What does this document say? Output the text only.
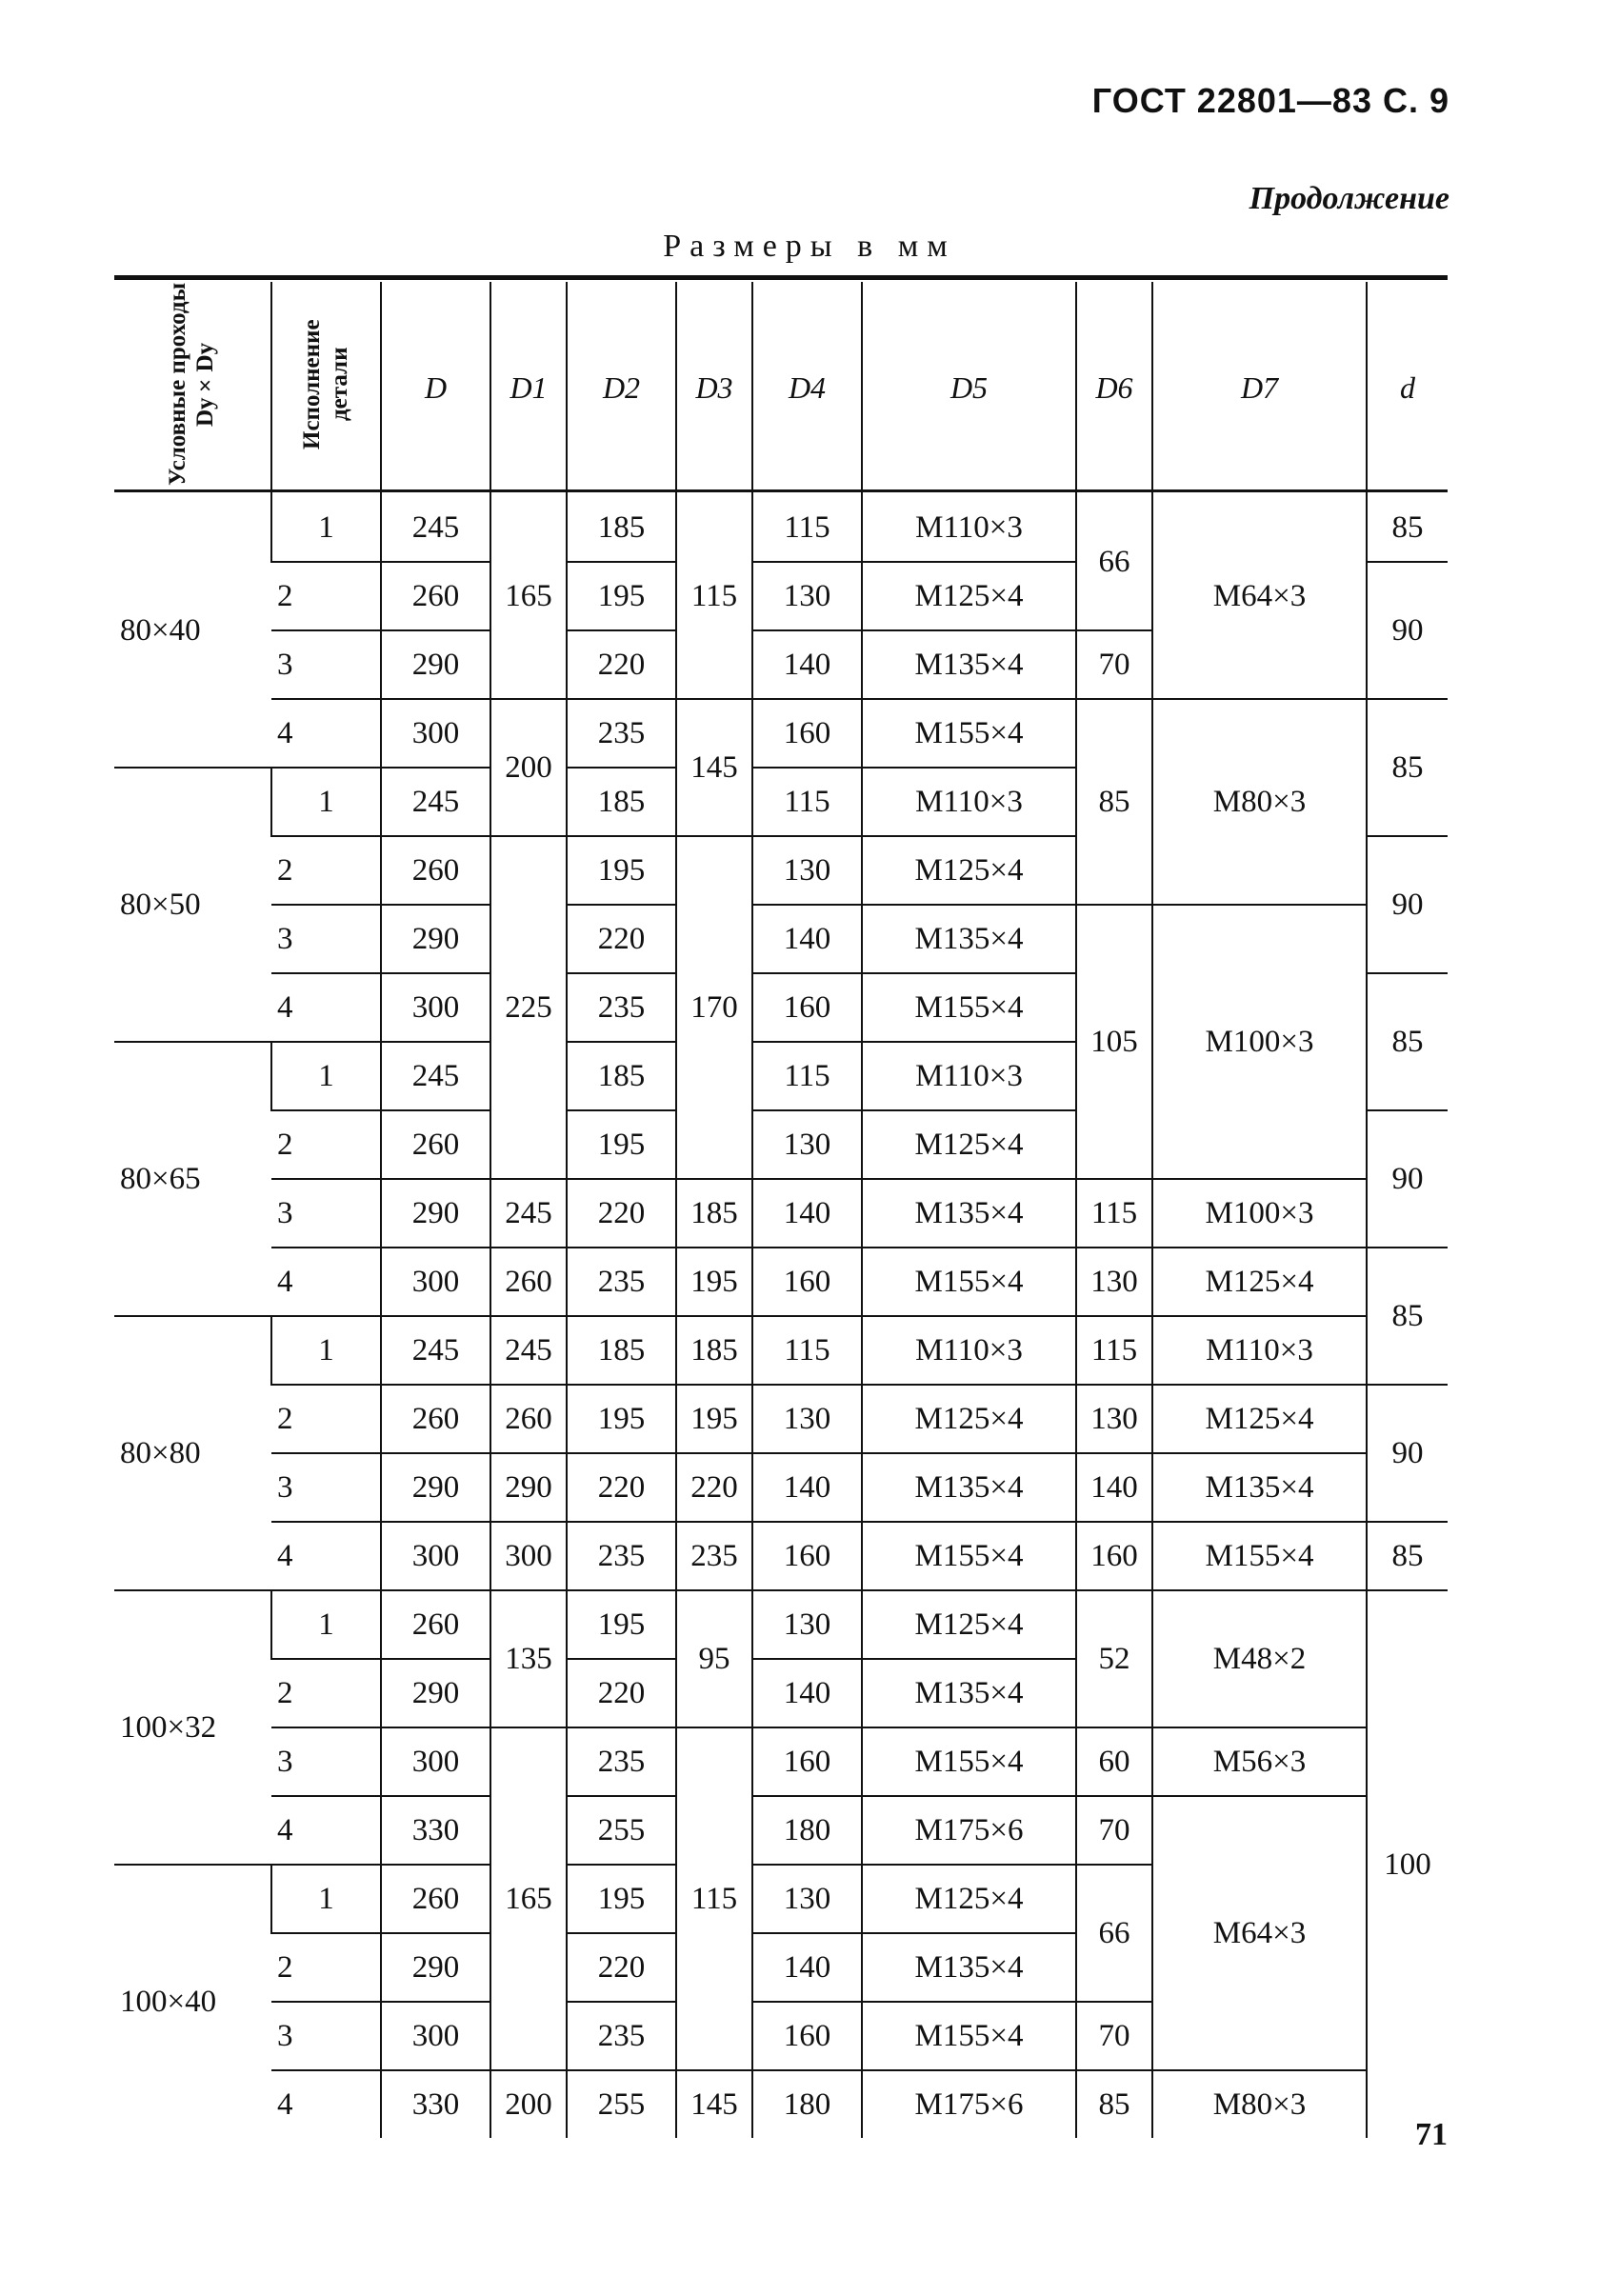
ГОСТ 22801—83 С. 9
Продолжение
Размеры в мм
Условные проходы Dy×Dy	Исполнение детали	D	D1	D2	D3	D4	D5	D6	D7	d
80×40	1	245	165	185	115	115	M110×3	66	M64×3	85
	2	260		195		130	M125×4			90
	3	290		220		140	M135×4	70		
	4	300	200	235	145	160	M155×4	85	M80×3	85
80×50	1	245		185		115	M110×3			
	2	260	225	195	170	130	M125×4			90
	3	290		220		140	M135×4	105	M100×3	
	4	300		235		160	M155×4			85
80×65	1	245		185		115	M110×3			
	2	260		195		130	M125×4			90
	3	290	245	220	185	140	M135×4	115	M100×3	
	4	300	260	235	195	160	M155×4	130	M125×4	85
80×80	1	245	245	185	185	115	M110×3	115	M110×3	
	2	260	260	195	195	130	M125×4	130	M125×4	90
	3	290	290	220	220	140	M135×4	140	M135×4	
	4	300	300	235	235	160	M155×4	160	M155×4	85
100×32	1	260	135	195	95	130	M125×4	52	M48×2	100
	2	290		220		140	M135×4			
	3	300	165	235	115	160	M155×4	60	M56×3	
	4	330		255		180	M175×6	70	M64×3	
100×40	1	260		195		130	M125×4	66		
	2	290		220		140	M135×4			
	3	300		235		160	M155×4	70		
	4	330	200	255	145	180	M175×6	85	M80×3	
71
